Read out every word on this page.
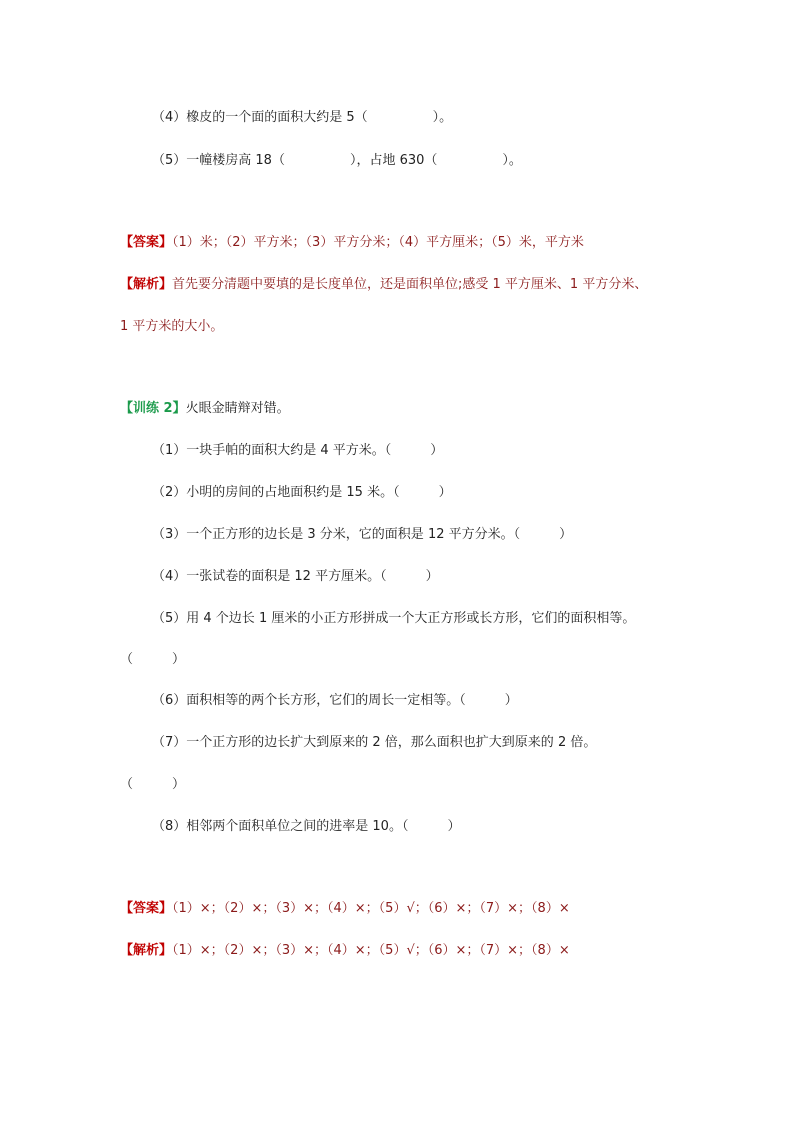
（4）橡皮的一个面的面积大约是 5（　　　　　）。
（5）一幢楼房高 18（　　　　　），占地 630（　　　　　）。
【答案】（1）米；（2）平方米；（3）平方分米；（4）平方厘米；（5）米，平方米
【解析】首先要分清题中要填的是长度单位，还是面积单位;感受 1 平方厘米、1 平方分米、
1 平方米的大小。
【训练 2】火眼金睛辩对错。
（1）一块手帕的面积大约是 4 平方米。（　　　）
（2）小明的房间的占地面积约是 15 米。（　　　）
（3）一个正方形的边长是 3 分米，它的面积是 12 平方分米。（　　　）
（4）一张试卷的面积是 12 平方厘米。（　　　）
（5）用 4 个边长 1 厘米的小正方形拼成一个大正方形或长方形，它们的面积相等。
（　　　）
（6）面积相等的两个长方形，它们的周长一定相等。（　　　）
（7）一个正方形的边长扩大到原来的 2 倍，那么面积也扩大到原来的 2 倍。
（　　　）
（8）相邻两个面积单位之间的进率是 10。（　　　）
【答案】（1）×；（2）×；（3）×；（4）×；（5）√；（6）×；（7）×；（8）×
【解析】（1）×；（2）×；（3）×；（4）×；（5）√；（6）×；（7）×；（8）×
